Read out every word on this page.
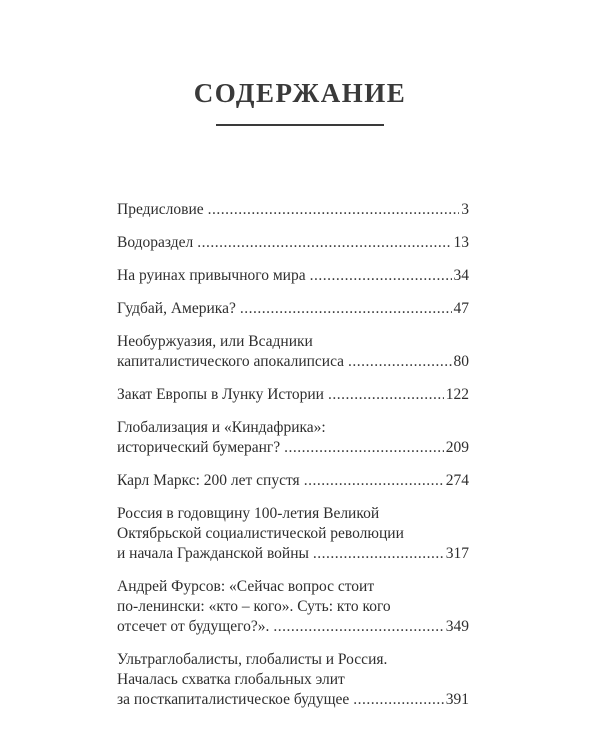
СОДЕРЖАНИЕ
Предисловие .....	3
Водораздел .....	13
На руинах привычного мира .....	34
Гудбай, Америка? .....	47
Необуржуазия, или Всадники
капиталистического апокалипсиса .....	80
Закат Европы в Лунку Истории .....	122
Глобализация и «Киндафрика»:
исторический бумеранг? .....	209
Карл Маркс: 200 лет спустя .....	274
Россия в годовщину 100-летия Великой
Октябрьской социалистической революции
и начала Гражданской войны .....	317
Андрей Фурсов: «Сейчас вопрос стоит
по-ленински: «кто – кого». Суть: кто кого
отсечет от будущего?». .....	349
Ультраглобалисты, глобалисты и Россия.
Началась схватка глобальных элит
за посткапиталистическое будущее .....	391
